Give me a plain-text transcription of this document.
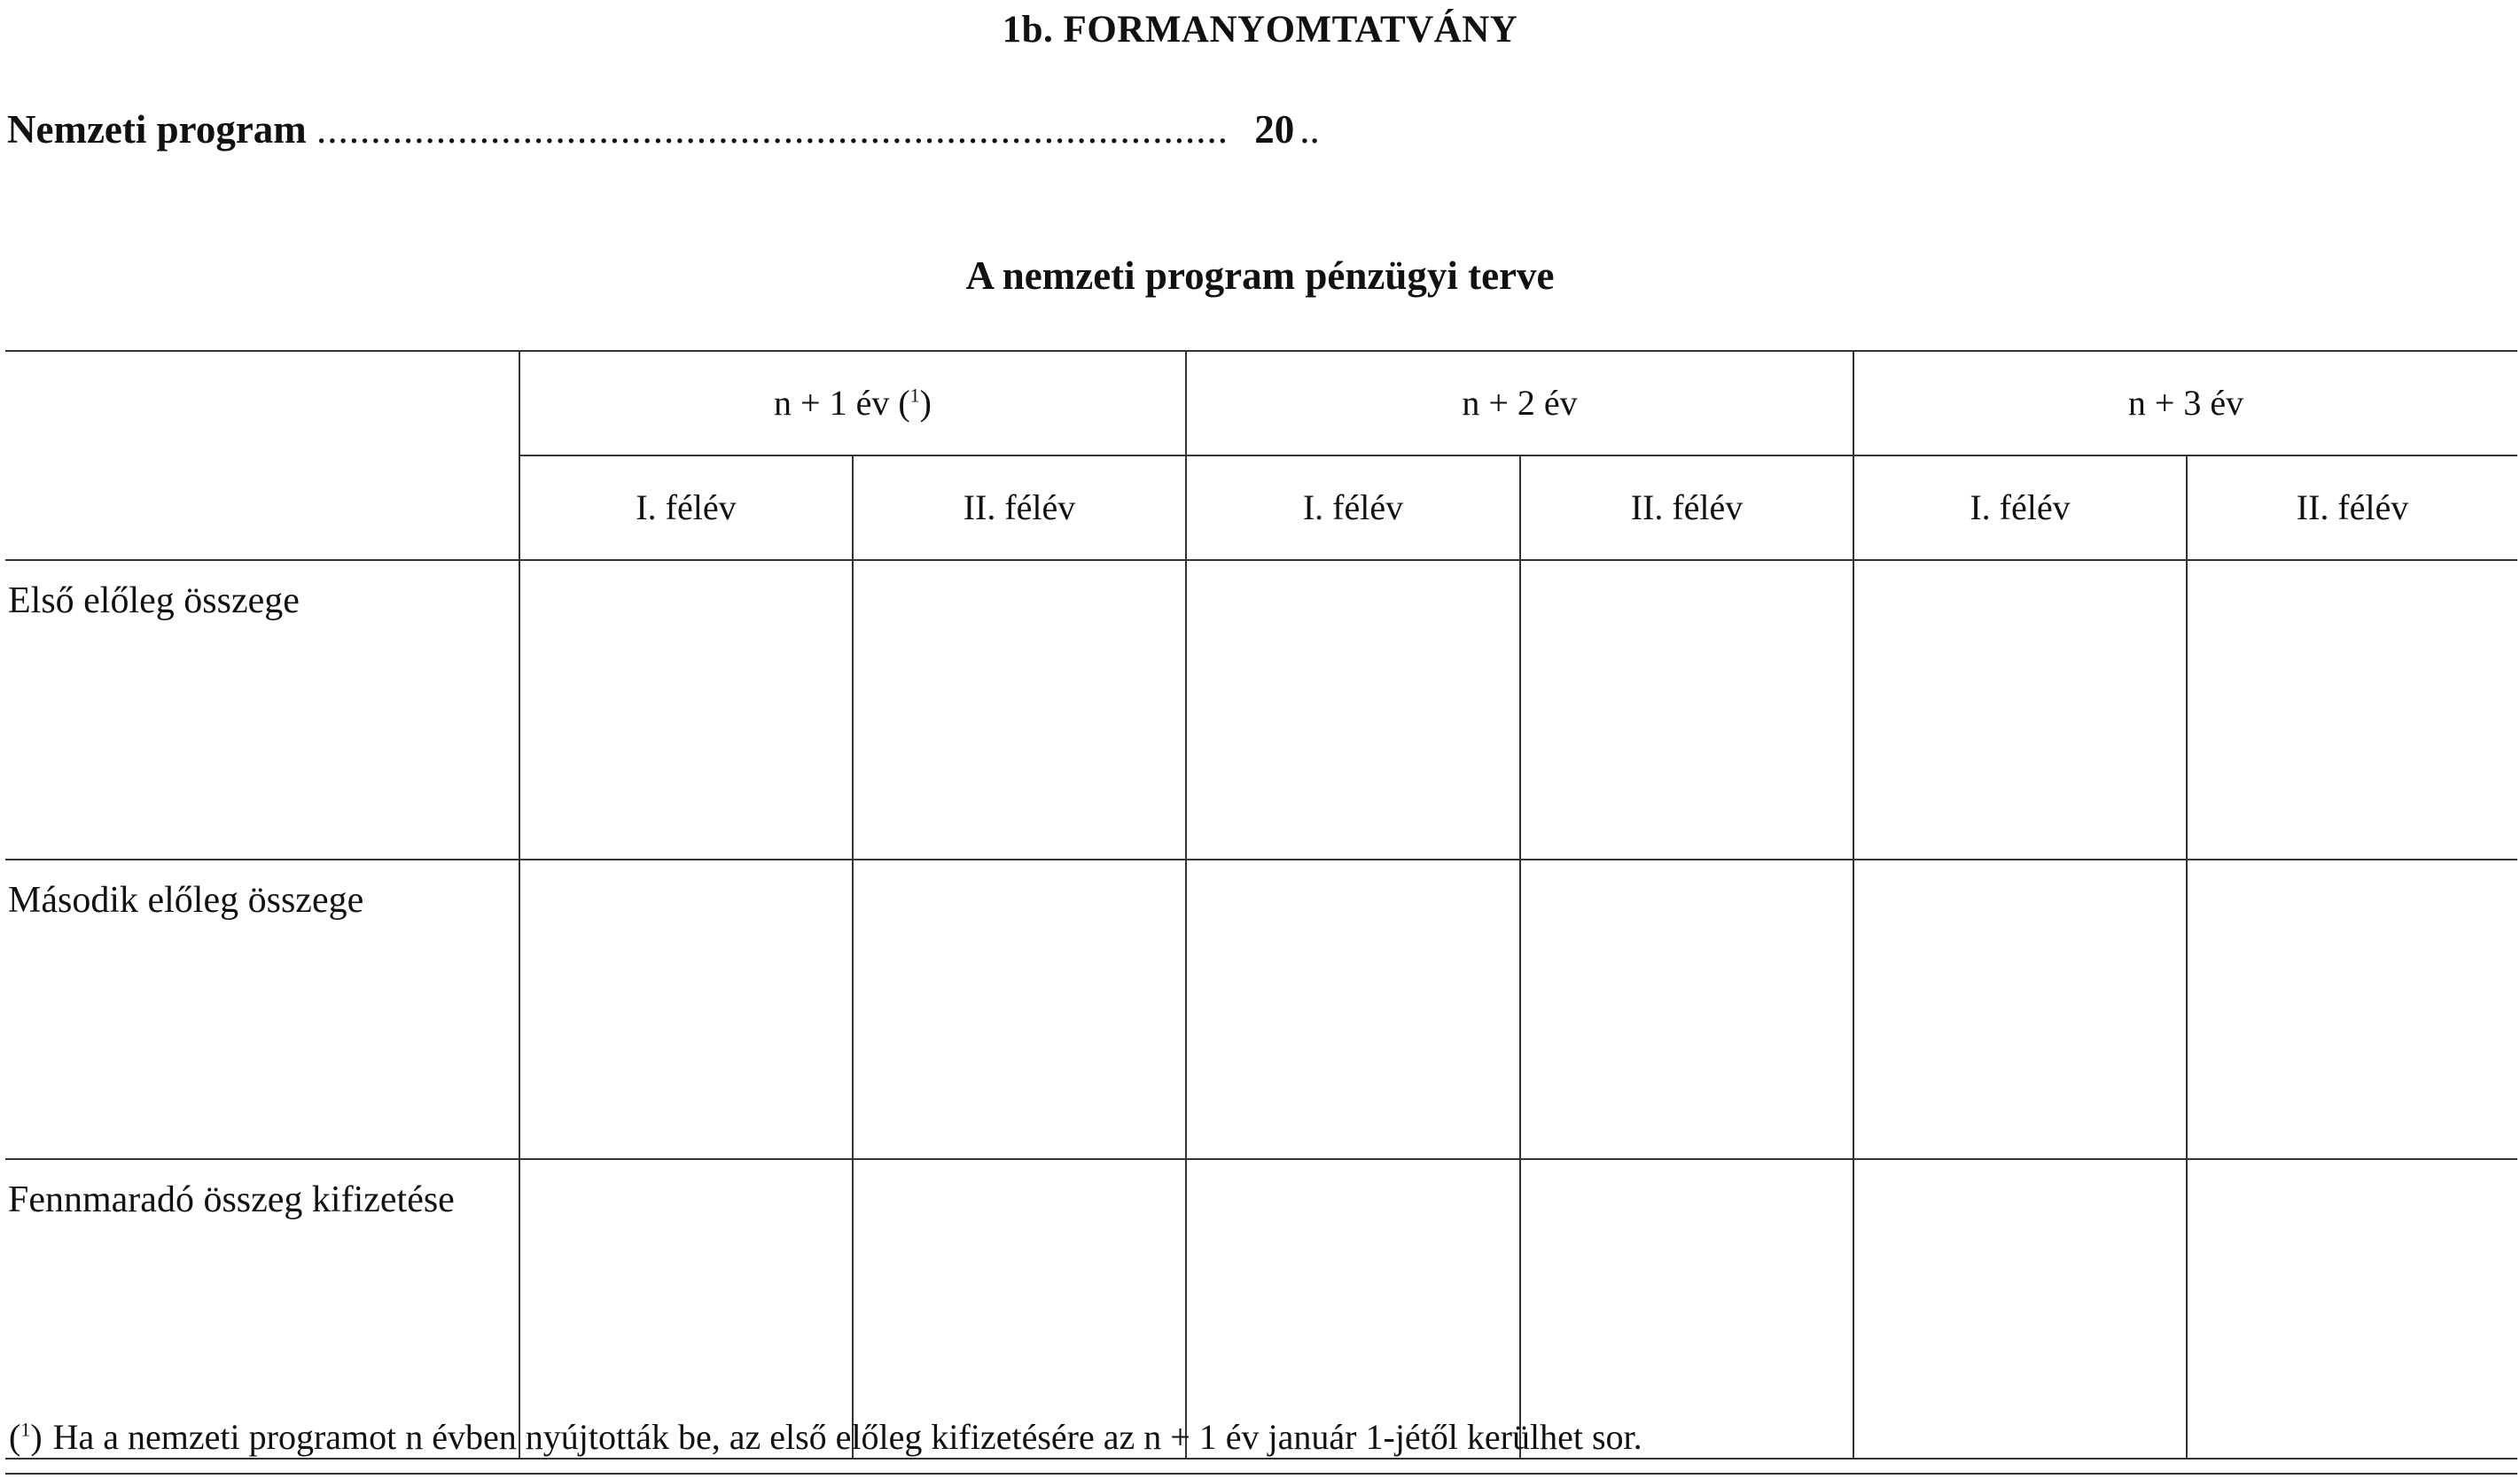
1b. FORMANYOMTATVÁNY
Nemzeti program .................................................................................... 20 ..
A nemzeti program pénzügyi terve
	n + 1 év ($^1$)		n + 2 év		n + 3 év	
	I. félév	II. félév	I. félév	II. félév	I. félév	II. félév
Első előleg összege						
Második előleg összege						
Fennmaradó összeg kifizetése						
($^1$) Ha a nemzeti programot n évben nyújtották be, az első előleg kifizetésére az n + 1 év január 1-jétől kerülhet sor.
